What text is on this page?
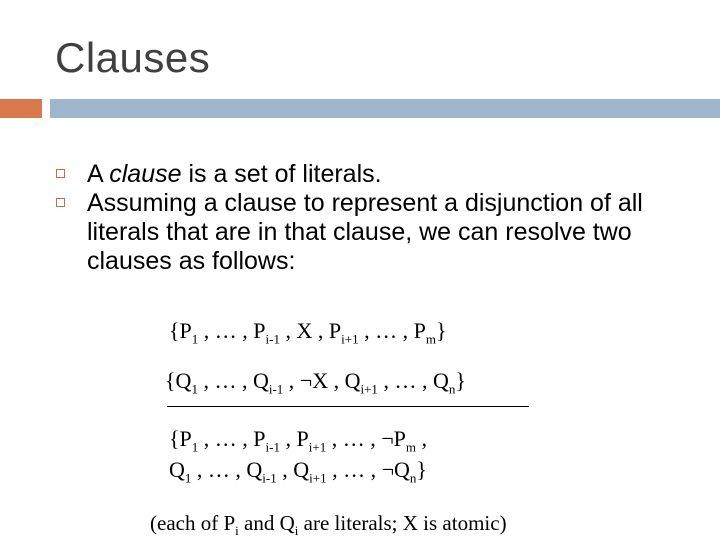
Clauses
A clause is a set of literals.
Assuming a clause to represent a disjunction of all literals that are in that clause, we can resolve two clauses as follows:
{$P_1$ , … , $P_{i-1}$ , X , $P_{i+1}$ , … , $P_m$}
{$Q_1$ , … , $Q_{i-1}$ , ¬X , $Q_{i+1}$ , … , $Q_n$}
{$P_1$ , … , $P_{i-1}$ , $P_{i+1}$ , … , $\neg P_m$ ,
$Q_1$ , … , $Q_{i-1}$ , $Q_{i+1}$ , … , $\neg Q_n$}
(each of $P_i$ and $Q_i$ are literals; X is atomic)
